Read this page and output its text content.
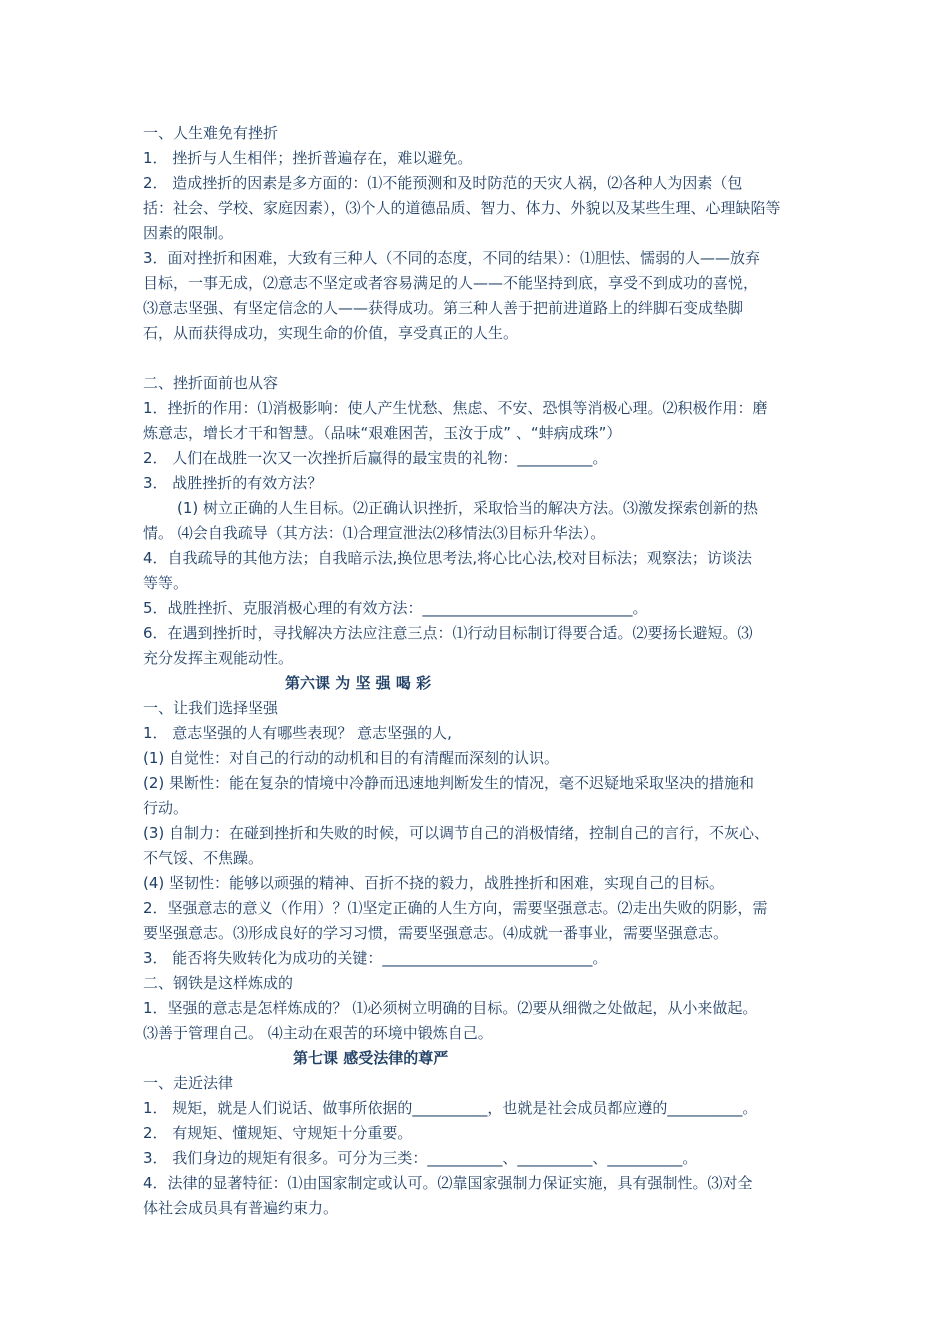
一、人生难免有挫折
1． 挫折与人生相伴；挫折普遍存在，难以避免。
2． 造成挫折的因素是多方面的：⑴不能预测和及时防范的天灾人祸，⑵各种人为因素（包
括：社会、学校、家庭因素），⑶个人的道德品质、智力、体力、外貌以及某些生理、心理缺陷等
因素的限制。
3．面对挫折和困难，大致有三种人（不同的态度，不同的结果）：⑴胆怯、懦弱的人——放弃
目标，一事无成，⑵意志不坚定或者容易满足的人——不能坚持到底，享受不到成功的喜悦，
⑶意志坚强、有坚定信念的人——获得成功。第三种人善于把前进道路上的绊脚石变成垫脚
石，从而获得成功，实现生命的价值，享受真正的人生。
二、挫折面前也从容
1．挫折的作用：⑴消极影响：使人产生忧愁、焦虑、不安、恐惧等消极心理。⑵积极作用：磨
炼意志，增长才干和智慧。（品味“艰难困苦，玉汝于成” 、“蚌病成珠”）
2． 人们在战胜一次又一次挫折后赢得的最宝贵的礼物：__________。
3． 战胜挫折的有效方法？
(1) 树立正确的人生目标。⑵正确认识挫折，采取恰当的解决方法。⑶激发探索创新的热
情。 ⑷会自我疏导（其方法：⑴合理宣泄法⑵移情法⑶目标升华法）。
4．自我疏导的其他方法；自我暗示法,换位思考法,将心比心法,校对目标法；观察法；访谈法
等等。
5．战胜挫折、克服消极心理的有效方法：____________________________。
6．在遇到挫折时，寻找解决方法应注意三点：⑴行动目标制订得要合适。⑵要扬长避短。⑶
充分发挥主观能动性。
第六课 为 坚 强 喝 彩
一、让我们选择坚强
1． 意志坚强的人有哪些表现？ 意志坚强的人,
(1) 自觉性：对自己的行动的动机和目的有清醒而深刻的认识。
(2) 果断性：能在复杂的情境中冷静而迅速地判断发生的情况，毫不迟疑地采取坚决的措施和
行动。
(3) 自制力：在碰到挫折和失败的时候，可以调节自己的消极情绪，控制自己的言行，不灰心、
不气馁、不焦躁。
(4) 坚韧性：能够以顽强的精神、百折不挠的毅力，战胜挫折和困难，实现自己的目标。
2．坚强意志的意义（作用）？⑴坚定正确的人生方向，需要坚强意志。⑵走出失败的阴影，需
要坚强意志。⑶形成良好的学习习惯，需要坚强意志。⑷成就一番事业，需要坚强意志。
3． 能否将失败转化为成功的关键：____________________________。
二、钢铁是这样炼成的
1．坚强的意志是怎样炼成的？ ⑴必须树立明确的目标。⑵要从细微之处做起，从小来做起。
⑶善于管理自己。 ⑷主动在艰苦的环境中锻炼自己。
第七课 感受法律的尊严
一、走近法律
1． 规矩，就是人们说话、做事所依据的__________，也就是社会成员都应遵的__________。
2． 有规矩、懂规矩、守规矩十分重要。
3． 我们身边的规矩有很多。可分为三类：__________、__________、__________。
4．法律的显著特征：⑴由国家制定或认可。⑵靠国家强制力保证实施，具有强制性。⑶对全
体社会成员具有普遍约束力。
